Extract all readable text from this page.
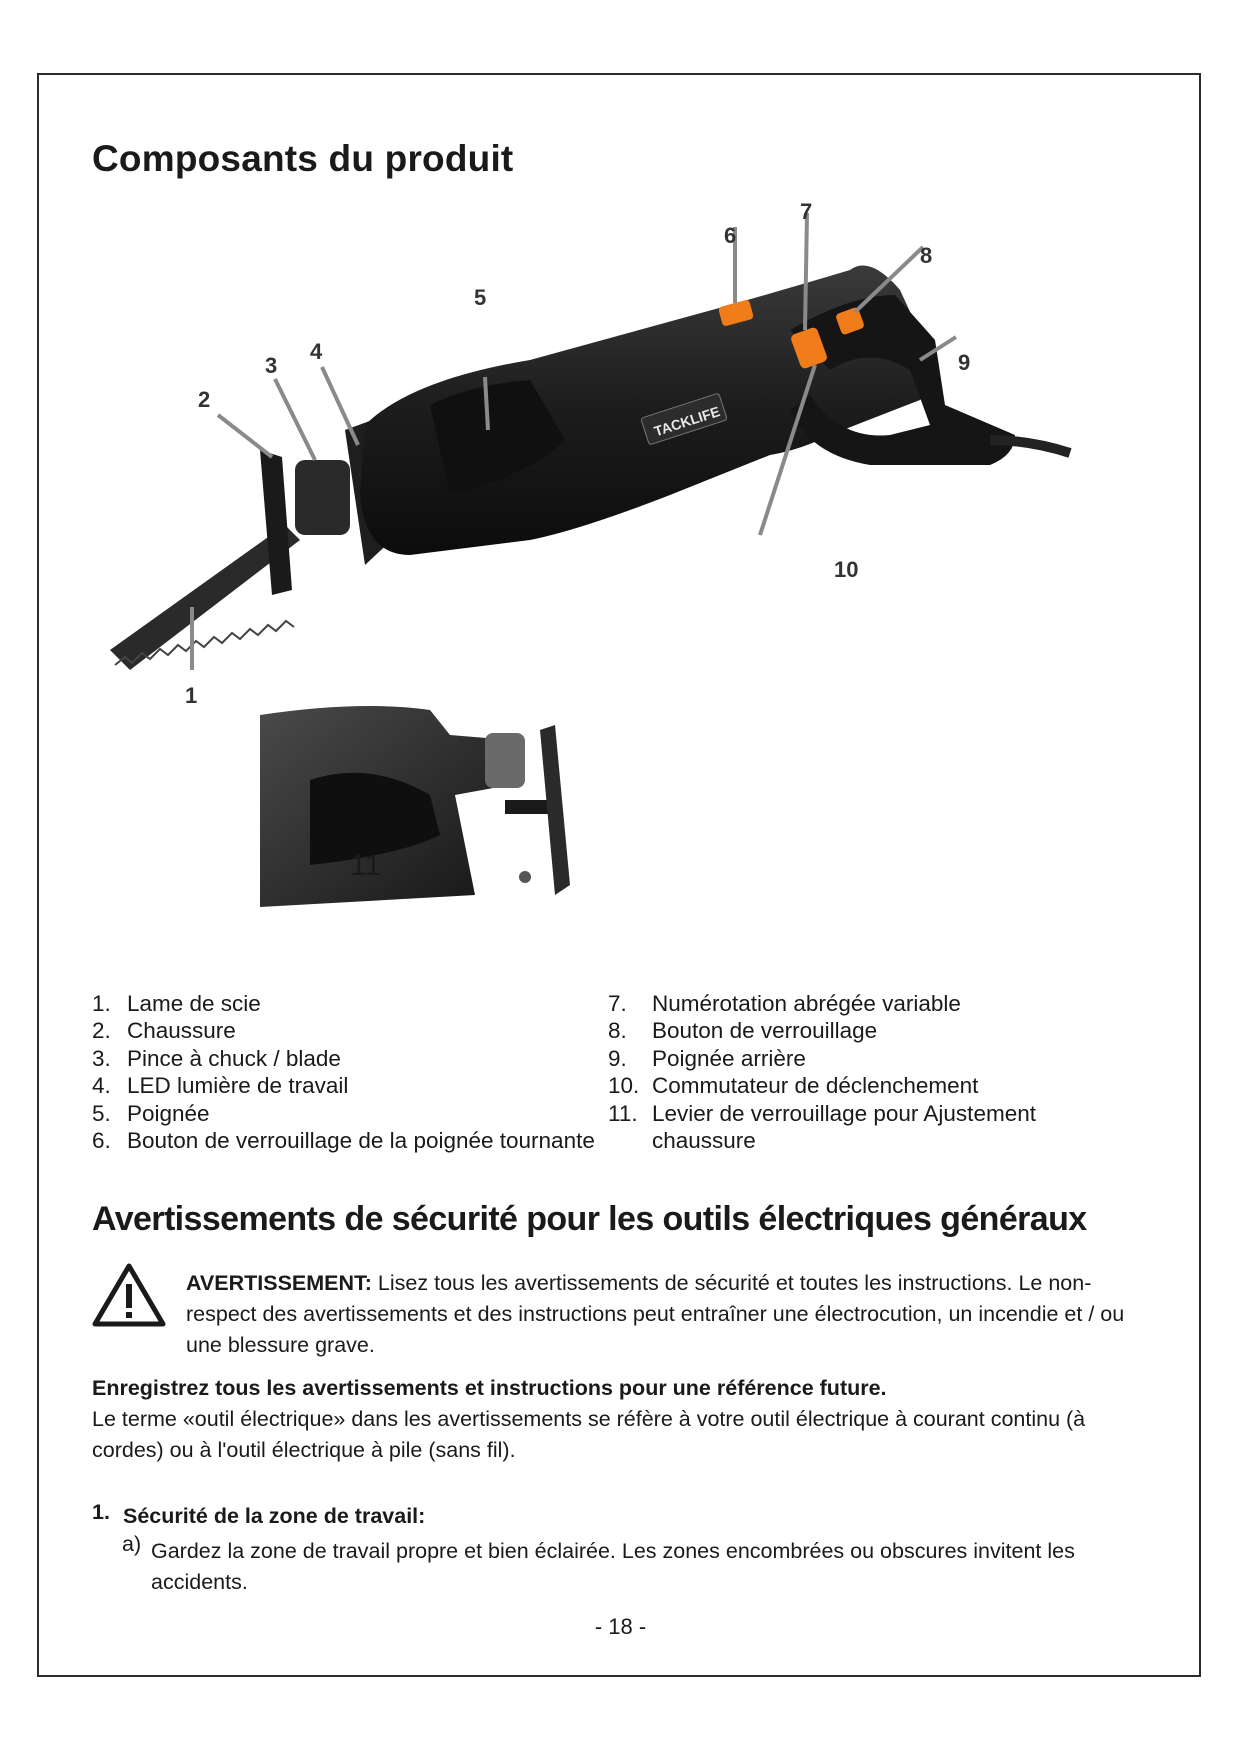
Composants du produit
TACKLIFE
1
2
3
4
5
6
7
8
9
10
11
1. Lame de scie
2. Chaussure
3. Pince à chuck / blade
4. LED lumière de travail
5. Poignée
6. Bouton de verrouillage de la poignée tournante
7.	Numérotation abrégée variable
8.	Bouton de verrouillage
9.	Poignée arrière
10. Commutateur de déclenchement
11. Levier de verrouillage pour Ajustement chaussure
Avertissements de sécurité pour les outils électriques généraux
AVERTISSEMENT: Lisez tous les avertissements de sécurité et toutes les instructions. Le non-respect des avertissements et des instructions peut entraîner une électrocution, un incendie et / ou une blessure grave.
Enregistrez tous les avertissements et instructions pour une référence future.
Le terme «outil électrique» dans les avertissements se réfère à votre outil électrique à courant continu (à cordes) ou à l'outil électrique à pile (sans fil).
1. Sécurité de la zone de travail:
a) Gardez la zone de travail propre et bien éclairée. Les zones encombrées ou obscures invitent les accidents.
- 18 -
